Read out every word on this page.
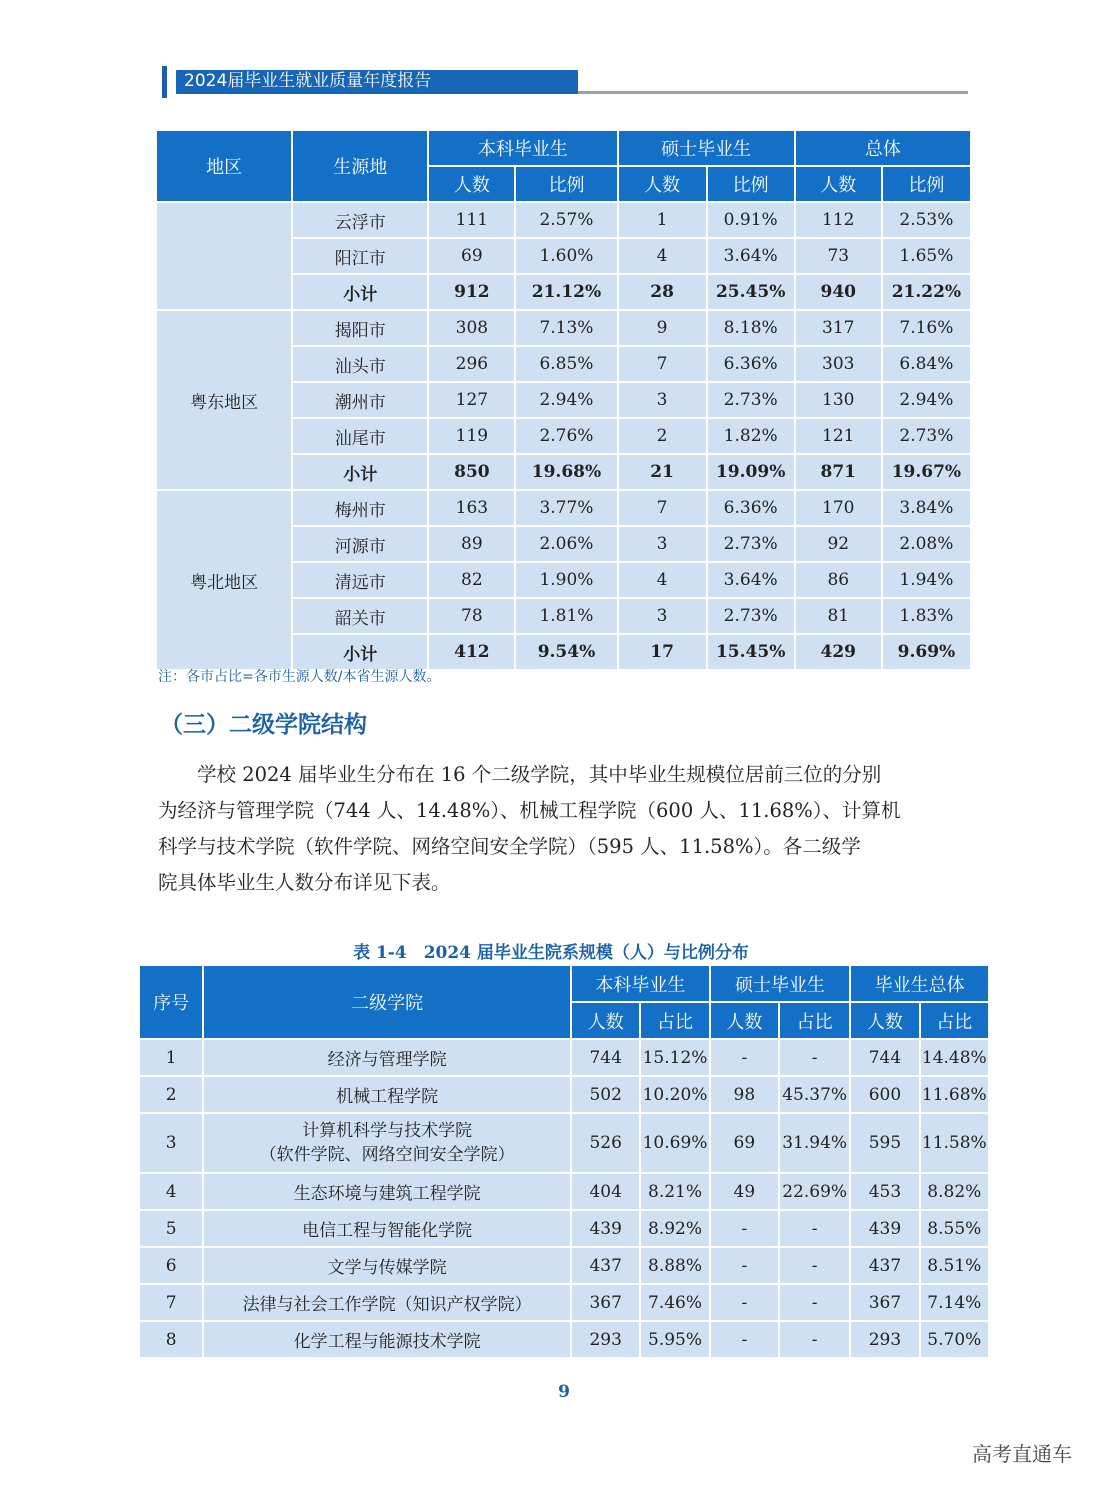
2024届毕业生就业质量年度报告
地区	生源地	本科毕业生		硕士毕业生		总体	
		人数	比例	人数	比例	人数	比例
	云浮市	111	2.57%	1	0.91%	112	2.53%
	阳江市	69	1.60%	4	3.64%	73	1.65%
	小计	912	21.12%	28	25.45%	940	21.22%
粤东地区	揭阳市	308	7.13%	9	8.18%	317	7.16%
	汕头市	296	6.85%	7	6.36%	303	6.84%
	潮州市	127	2.94%	3	2.73%	130	2.94%
	汕尾市	119	2.76%	2	1.82%	121	2.73%
	小计	850	19.68%	21	19.09%	871	19.67%
粤北地区	梅州市	163	3.77%	7	6.36%	170	3.84%
	河源市	89	2.06%	3	2.73%	92	2.08%
	清远市	82	1.90%	4	3.64%	86	1.94%
	韶关市	78	1.81%	3	2.73%	81	1.83%
	小计	412	9.54%	17	15.45%	429	9.69%
注：各市占比=各市生源人数/本省生源人数。
（三）二级学院结构

　　学校 2024 届毕业生分布在 16 个二级学院，其中毕业生规模位居前三位的分别

为经济与管理学院（744 人、14.48%）、机械工程学院（600 人、11.68%）、计算机

科学与技术学院（软件学院、网络空间安全学院）（595 人、11.58%）。各二级学

院具体毕业生人数分布详见下表。

表 1-4　2024 届毕业生院系规模（人）与比例分布
序号	二级学院	本科毕业生		硕士毕业生		毕业生总体	
		人数	占比	人数	占比	人数	占比
1	经济与管理学院	744	15.12%	-	-	744	14.48%
2	机械工程学院	502	10.20%	98	45.37%	600	11.68%
3	计算机科学与技术学院
（软件学院、网络空间安全学院）	526	10.69%	69	31.94%	595	11.58%
4	生态环境与建筑工程学院	404	8.21%	49	22.69%	453	8.82%
5	电信工程与智能化学院	439	8.92%	-	-	439	8.55%
6	文学与传媒学院	437	8.88%	-	-	437	8.51%
7	法律与社会工作学院（知识产权学院）	367	7.46%	-	-	367	7.14%
8	化学工程与能源技术学院	293	5.95%	-	-	293	5.70%
9
高考直通车
